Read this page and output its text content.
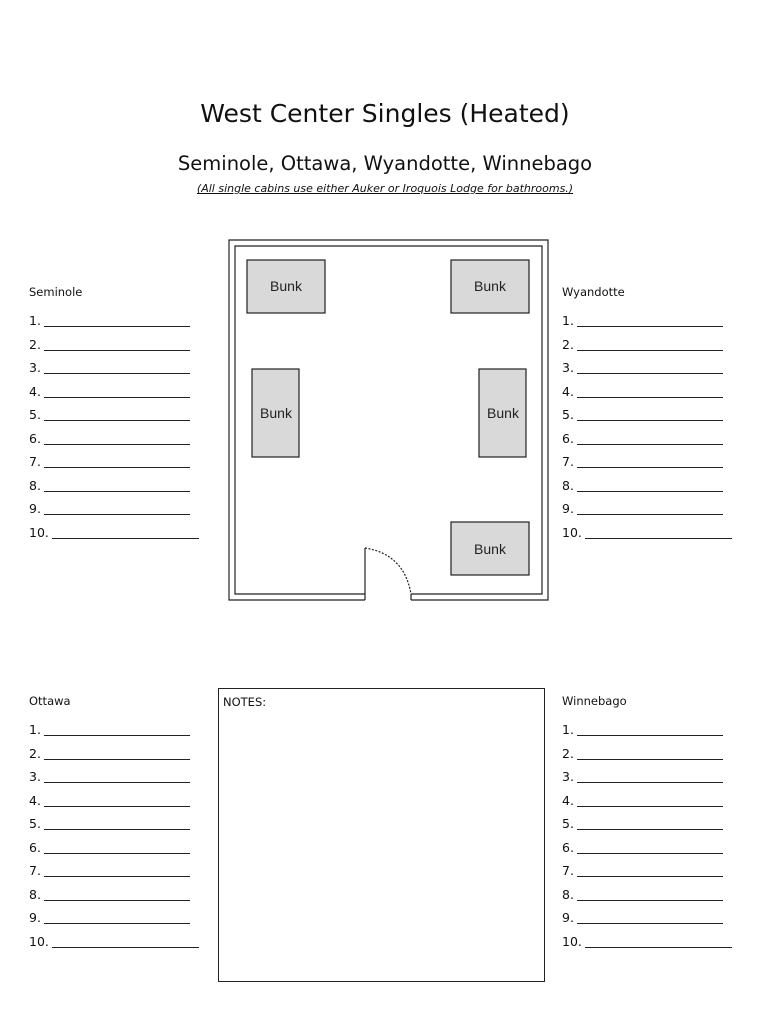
West Center Singles (Heated)
Seminole, Ottawa, Wyandotte, Winnebago
(All single cabins use either Auker or Iroquois Lodge for bathrooms.)
Seminole
1.
2.
3.
4.
5.
6.
7.
8.
9.
10.
Wyandotte
1.
2.
3.
4.
5.
6.
7.
8.
9.
10.
Ottawa
1.
2.
3.
4.
5.
6.
7.
8.
9.
10.
Winnebago
1.
2.
3.
4.
5.
6.
7.
8.
9.
10.
Bunk	Bunk
Bunk	Bunk
Bunk
NOTES:
